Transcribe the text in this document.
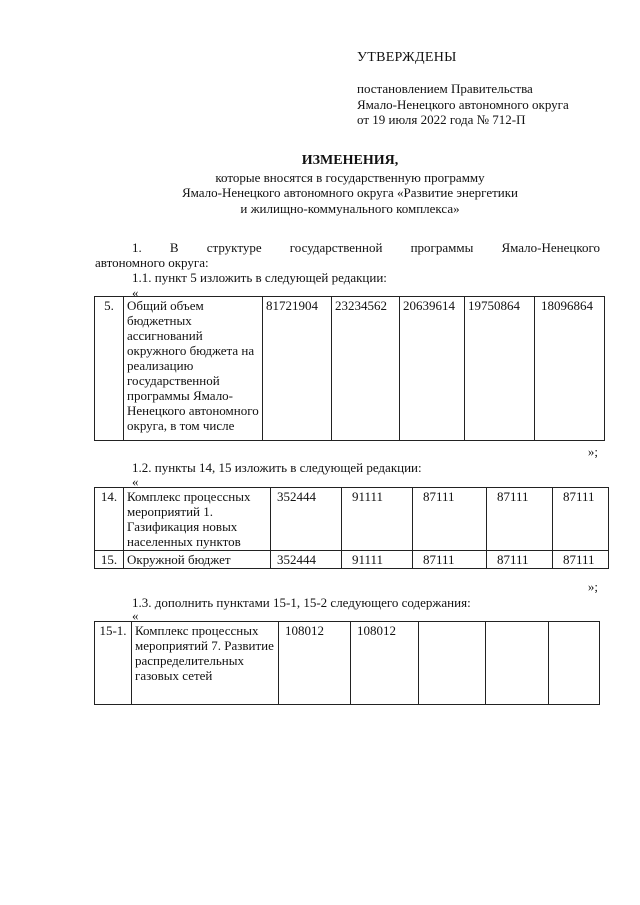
УТВЕРЖДЕНЫ
постановлением Правительства
Ямало-Ненецкого автономного округа
от 19 июля 2022 года № 712-П
ИЗМЕНЕНИЯ,
которые вносятся в государственную программу
Ямало-Ненецкого автономного округа «Развитие энергетики
и жилищно-коммунального комплекса»
1. В структуре государственной программы Ямало-Ненецкого
автономного округа:
1.1. пункт 5 изложить в следующей редакции:
«
5.	Общий объем бюджетных ассигнований окружного бюджета на реализацию государственной программы Ямало-Ненецкого автономного округа, в том числе	81721904	23234562	20639614	19750864	18096864
»;
1.2. пункты 14, 15 изложить в следующей редакции:
«
14.	Комплекс процессных мероприятий 1. Газификация новых населенных пунктов	352444	91111	87111	87111	87111
15.	Окружной бюджет	352444	91111	87111	87111	87111
»;
1.3. дополнить пунктами 15-1, 15-2 следующего содержания:
«
15-1.	Комплекс процессных мероприятий 7. Развитие распределительных газовых сетей	108012	108012			
